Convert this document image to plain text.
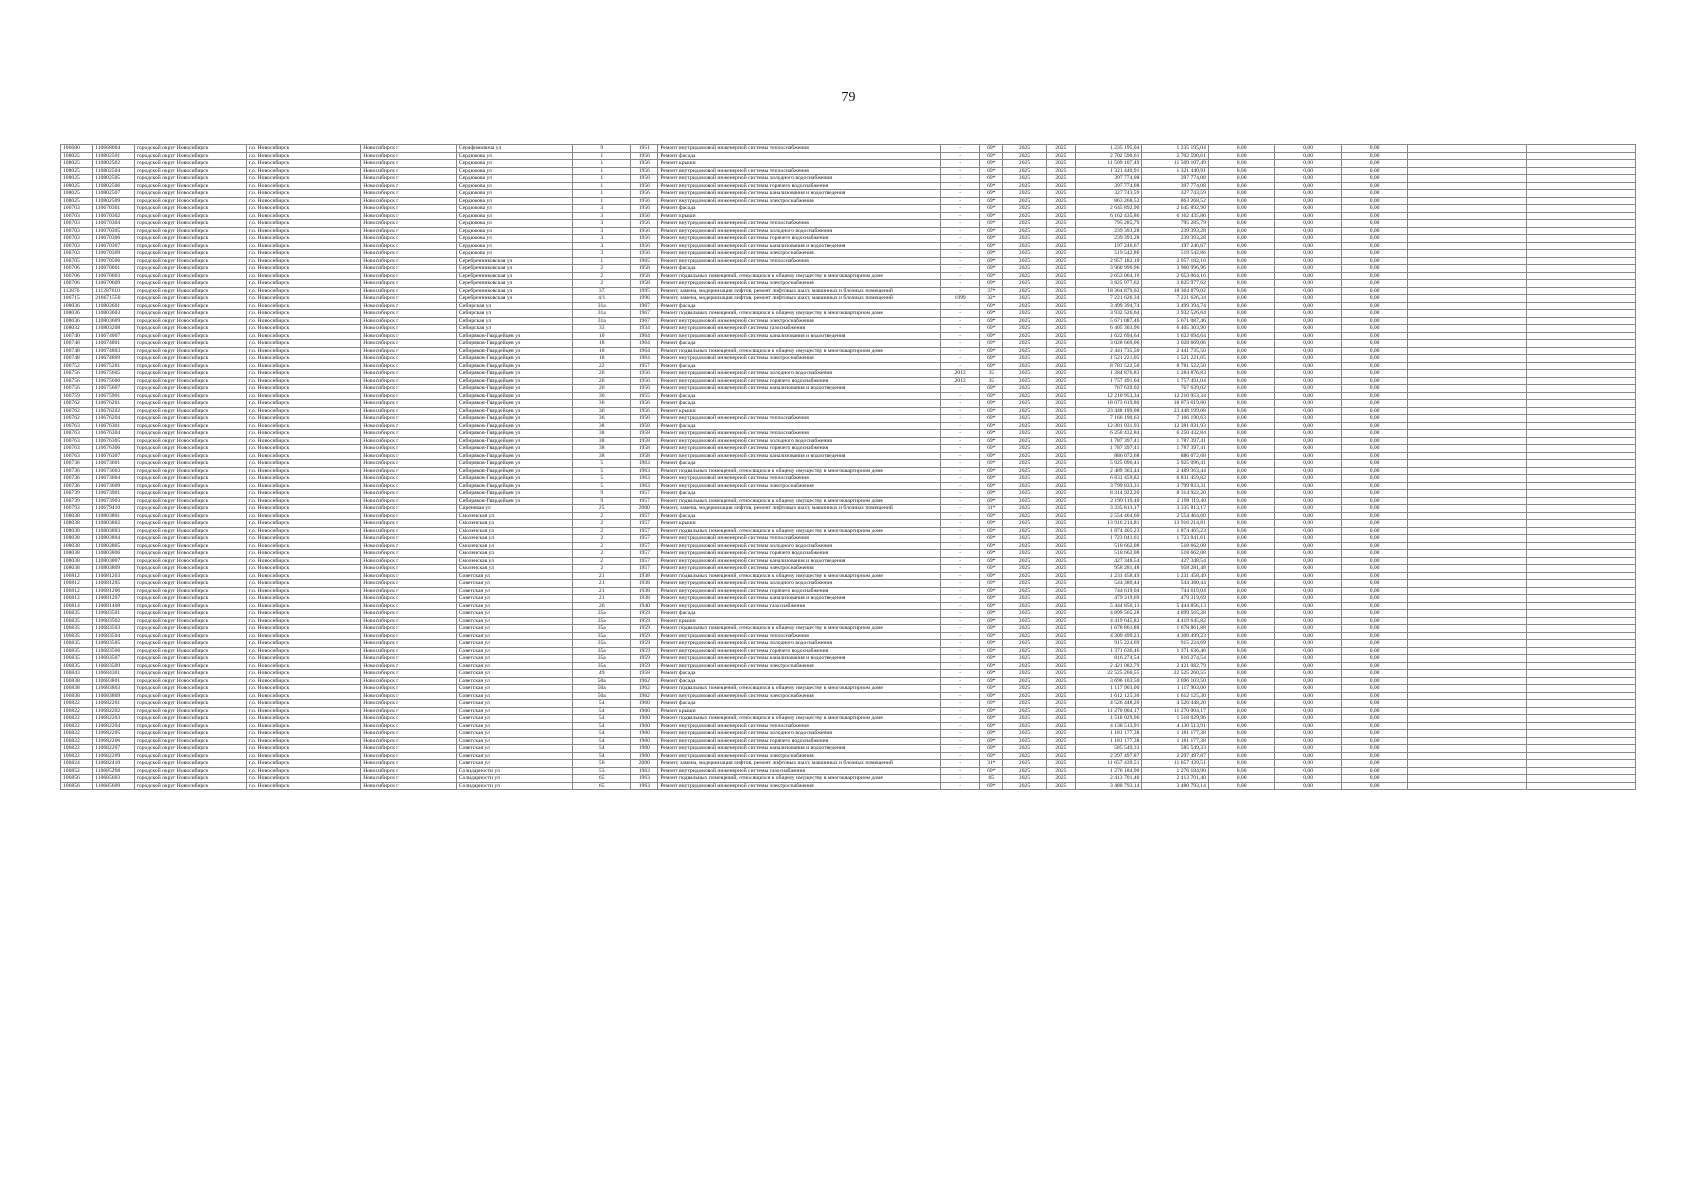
79
106680	110668004	городской округ Новосибирск	г.о. Новосибирск	Новосибирск г	Серафимовича ул	9	1951	Ремонт внутридомовой инженерной системы теплоснабжения	-	69*	2025	2025	1 235 195,04	1 235 195,04	0,00	0,00	0,00		
108025	110802501	городской округ Новосибирск	г.о. Новосибирск	Новосибирск г	Сердюкова ул	1	1956	Ремонт фасада	-	69*	2025	2025	2 702 590,61	2 702 590,61	0,00	0,00	0,00		
108025	110802502	городской округ Новосибирск	г.о. Новосибирск	Новосибирск г	Сердюкова ул	1	1956	Ремонт крыши	-	69*	2025	2025	11 509 107,49	11 509 107,49	0,00	0,00	0,00		
108025	110802504	городской округ Новосибирск	г.о. Новосибирск	Новосибирск г	Сердюкова ул	1	1956	Ремонт внутридомовой инженерной системы теплоснабжения	-	69*	2025	2025	1 321 440,91	1 321 440,91	0,00	0,00	0,00		
108025	110802505	городской округ Новосибирск	г.о. Новосибирск	Новосибирск г	Сердюкова ул	1	1956	Ремонт внутридомовой инженерной системы холодного водоснабжения	-	69*	2025	2025	397 774,08	397 774,08	0,00	0,00	0,00		
108025	110802506	городской округ Новосибирск	г.о. Новосибирск	Новосибирск г	Сердюкова ул	1	1956	Ремонт внутридомовой инженерной системы горячего водоснабжения	-	69*	2025	2025	397 774,08	397 774,08	0,00	0,00	0,00		
108025	110802507	городской округ Новосибирск	г.о. Новосибирск	Новосибирск г	Сердюкова ул	1	1956	Ремонт внутридомовой инженерной системы канализования и водоотведения	-	69*	2025	2025	327 743,59	327 743,59	0,00	0,00	0,00		
108025	110802509	городской округ Новосибирск	г.о. Новосибирск	Новосибирск г	Сердюкова ул	1	1956	Ремонт внутридомовой инженерной системы электроснабжения	-	69*	2025	2025	863 268,52	863 268,52	0,00	0,00	0,00		
106703	110670301	городской округ Новосибирск	г.о. Новосибирск	Новосибирск г	Сердюкова ул	3	1956	Ремонт фасада	-	69*	2025	2025	2 645 892,90	2 645 892,90	0,00	0,00	0,00		
106703	110670302	городской округ Новосибирск	г.о. Новосибирск	Новосибирск г	Сердюкова ул	3	1956	Ремонт крыши	-	69*	2025	2025	6 162 435,86	6 162 435,86	0,00	0,00	0,00		
106703	110670304	городской округ Новосибирск	г.о. Новосибирск	Новосибирск г	Сердюкова ул	3	1956	Ремонт внутридомовой инженерной системы теплоснабжения	-	69*	2025	2025	795 285,79	795 285,79	0,00	0,00	0,00		
106703	110670305	городской округ Новосибирск	г.о. Новосибирск	Новосибирск г	Сердюкова ул	3	1956	Ремонт внутридомовой инженерной системы холодного водоснабжения	-	69*	2025	2025	239 393,28	239 393,28	0,00	0,00	0,00		
106703	110670306	городской округ Новосибирск	г.о. Новосибирск	Новосибирск г	Сердюкова ул	3	1956	Ремонт внутридомовой инженерной системы горячего водоснабжения	-	69*	2025	2025	239 393,28	239 393,28	0,00	0,00	0,00		
106703	110670307	городской округ Новосибирск	г.о. Новосибирск	Новосибирск г	Сердюкова ул	3	1956	Ремонт внутридомовой инженерной системы канализования и водоотведения	-	69*	2025	2025	197 246,67	197 246,67	0,00	0,00	0,00		
106703	110670309	городской округ Новосибирск	г.о. Новосибирск	Новосибирск г	Сердюкова ул	3	1956	Ремонт внутридомовой инженерной системы электроснабжения	-	69*	2025	2025	519 542,86	519 542,86	0,00	0,00	0,00		
106705	110670506	городской округ Новосибирск	г.о. Новосибирск	Новосибирск г	Серебренниковская ул	1	1965	Ремонт внутридомовой инженерной системы теплоснабжения	-	69*	2025	2025	2 957 182,10	2 957 182,10	0,00	0,00	0,00		
106706	110670601	городской округ Новосибирск	г.о. Новосибирск	Новосибирск г	Серебренниковская ул	2	1958	Ремонт фасада	-	69*	2025	2025	3 960 996,96	3 960 996,96	0,00	0,00	0,00		
106706	110670603	городской округ Новосибирск	г.о. Новосибирск	Новосибирск г	Серебренниковская ул	2	1958	Ремонт подвальных помещений, относящихся к общему имуществу в многоквартирном доме	-	69*	2025	2025	2 653 064,16	2 653 064,16	0,00	0,00	0,00		
106706	110670609	городской округ Новосибирск	г.о. Новосибирск	Новосибирск г	Серебренниковская ул	2	1958	Ремонт внутридомовой инженерной системы электроснабжения	-	69*	2025	2025	3 825 977,62	3 825 977,62	0,00	0,00	0,00		
112876	111287610	городской округ Новосибирск	г.о. Новосибирск	Новосибирск г	Серебренниковская ул	37	1995	Ремонт, замена, модернизация лифтов, ремонт лифтовых шахт, машинных и блочных помещений	-	37*	2025	2025	18 364 879,02	18 364 879,02	0,00	0,00	0,00		
106715	210671550	городской округ Новосибирск	г.о. Новосибирск	Новосибирск г	Серебренниковская ул	4/1	1996	Ремонт, замена, модернизация лифтов, ремонт лифтовых шахт, машинных и блочных помещений	1999	32*	2025	2025	7 221 626,34	7 221 626,34	0,00	0,00	0,00		
108036	110803601	городской округ Новосибирск	г.о. Новосибирск	Новосибирск г	Сибирская ул	31а	1967	Ремонт фасада	-	69*	2025	2025	3 499 394,74	3 499 394,74	0,00	0,00	0,00		
108036	110803603	городской округ Новосибирск	г.о. Новосибирск	Новосибирск г	Сибирская ул	31а	1967	Ремонт подвальных помещений, относящихся к общему имуществу в многоквартирном доме	-	69*	2025	2025	3 932 526,64	3 932 526,64	0,00	0,00	0,00		
108036	110803609	городской округ Новосибирск	г.о. Новосибирск	Новосибирск г	Сибирская ул	31а	1967	Ремонт внутридомовой инженерной системы электроснабжения	-	69*	2025	2025	5 671 087,46	5 671 087,46	0,00	0,00	0,00		
108032	110803208	городской округ Новосибирск	г.о. Новосибирск	Новосибирск г	Сибирская ул	33	1934	Ремонт внутридомовой инженерной системы газоснабжения	-	69*	2025	2025	6 405 303,90	6 405 303,90	0,00	0,00	0,00		
106740	110674007	городской округ Новосибирск	г.о. Новосибирск	Новосибирск г	Сибиряков-Гвардейцев ул	10	1964	Ремонт внутридомовой инженерной системы канализования и водоотведения	-	69*	2025	2025	1 622 694,64	1 622 694,64	0,00	0,00	0,00		
106748	110674801	городской округ Новосибирск	г.о. Новосибирск	Новосибирск г	Сибиряков-Гвардейцев ул	18	1964	Ремонт фасада	-	69*	2025	2025	3 028 669,06	3 028 669,06	0,00	0,00	0,00		
106748	110674803	городской округ Новосибирск	г.о. Новосибирск	Новосибирск г	Сибиряков-Гвардейцев ул	18	1964	Ремонт подвальных помещений, относящихся к общему имуществу в многоквартирном доме	-	69*	2025	2025	2 441 735,50	2 441 735,50	0,00	0,00	0,00		
106748	110674809	городской округ Новосибирск	г.о. Новосибирск	Новосибирск г	Сибиряков-Гвардейцев ул	18	1964	Ремонт внутридомовой инженерной системы электроснабжения	-	69*	2025	2025	1 521 221,05	1 521 221,05	0,00	0,00	0,00		
106752	110675201	городской округ Новосибирск	г.о. Новосибирск	Новосибирск г	Сибиряков-Гвардейцев ул	22	1957	Ремонт фасада	-	69*	2025	2025	8 781 522,50	8 781 522,50	0,00	0,00	0,00		
106756	110675605	городской округ Новосибирск	г.о. Новосибирск	Новосибирск г	Сибиряков-Гвардейцев ул	26	1956	Ремонт внутридомовой инженерной системы холодного водоснабжения	2012	35	2025	2025	1 284 876,83	1 284 876,83	0,00	0,00	0,00		
106756	110675606	городской округ Новосибирск	г.о. Новосибирск	Новосибирск г	Сибиряков-Гвардейцев ул	26	1956	Ремонт внутридомовой инженерной системы горячего водоснабжения	2012	35	2025	2025	1 757 491,04	1 757 491,04	0,00	0,00	0,00		
106756	110675607	городской округ Новосибирск	г.о. Новосибирск	Новосибирск г	Сибиряков-Гвардейцев ул	26	1956	Ремонт внутридомовой инженерной системы канализования и водоотведения	-	69*	2025	2025	767 639,02	767 639,02	0,00	0,00	0,00		
106759	110675901	городской округ Новосибирск	г.о. Новосибирск	Новосибирск г	Сибиряков-Гвардейцев ул	30	1955	Ремонт фасада	-	69*	2025	2025	12 210 953,34	12 210 953,34	0,00	0,00	0,00		
106762	110676201	городской округ Новосибирск	г.о. Новосибирск	Новосибирск г	Сибиряков-Гвардейцев ул	36	1956	Ремонт фасада	-	69*	2025	2025	18 073 619,80	18 073 619,80	0,00	0,00	0,00		
106762	110676202	городской округ Новосибирск	г.о. Новосибирск	Новосибирск г	Сибиряков-Гвардейцев ул	36	1956	Ремонт крыши	-	69*	2025	2025	23 448 199,08	23 448 199,08	0,00	0,00	0,00		
106762	110676204	городской округ Новосибирск	г.о. Новосибирск	Новосибирск г	Сибиряков-Гвардейцев ул	36	1956	Ремонт внутридомовой инженерной системы теплоснабжения	-	69*	2025	2025	7 166 190,63	7 166 190,63	0,00	0,00	0,00		
106763	110676301	городской округ Новосибирск	г.о. Новосибирск	Новосибирск г	Сибиряков-Гвардейцев ул	38	1958	Ремонт фасада	-	69*	2025	2025	12 381 031,93	12 381 031,93	0,00	0,00	0,00		
106763	110676304	городской округ Новосибирск	г.о. Новосибирск	Новосибирск г	Сибиряков-Гвардейцев ул	38	1958	Ремонт внутридомовой инженерной системы теплоснабжения	-	69*	2025	2025	6 250 432,84	6 250 432,84	0,00	0,00	0,00		
106763	110676305	городской округ Новосибирск	г.о. Новосибирск	Новосибирск г	Сибиряков-Гвардейцев ул	38	1958	Ремонт внутридомовой инженерной системы холодного водоснабжения	-	69*	2025	2025	1 787 397,41	1 787 397,41	0,00	0,00	0,00		
106763	110676306	городской округ Новосибирск	г.о. Новосибирск	Новосибирск г	Сибиряков-Гвардейцев ул	38	1958	Ремонт внутридомовой инженерной системы горячего водоснабжения	-	69*	2025	2025	1 787 397,41	1 787 397,41	0,00	0,00	0,00		
106763	110676307	городской округ Новосибирск	г.о. Новосибирск	Новосибирск г	Сибиряков-Гвардейцев ул	38	1958	Ремонт внутридомовой инженерной системы канализования и водоотведения	-	69*	2025	2025	886 072,68	886 072,68	0,00	0,00	0,00		
106736	110673601	городской округ Новосибирск	г.о. Новосибирск	Новосибирск г	Сибиряков-Гвардейцев ул	5	1963	Ремонт фасада	-	69*	2025	2025	5 925 096,41	5 925 096,41	0,00	0,00	0,00		
106736	110673603	городской округ Новосибирск	г.о. Новосибирск	Новосибирск г	Сибиряков-Гвардейцев ул	5	1963	Ремонт подвальных помещений, относящихся к общему имуществу в многоквартирном доме	-	69*	2025	2025	2 489 363,44	2 489 363,44	0,00	0,00	0,00		
106736	110673604	городской округ Новосибирск	г.о. Новосибирск	Новосибирск г	Сибиряков-Гвардейцев ул	5	1963	Ремонт внутридомовой инженерной системы теплоснабжения	-	69*	2025	2025	6 831 459,82	6 831 459,82	0,00	0,00	0,00		
106736	110673609	городской округ Новосибирск	г.о. Новосибирск	Новосибирск г	Сибиряков-Гвардейцев ул	5	1963	Ремонт внутридомовой инженерной системы электроснабжения	-	69*	2025	2025	3 799 833,31	3 799 833,31	0,00	0,00	0,00		
106739	110673901	городской округ Новосибирск	г.о. Новосибирск	Новосибирск г	Сибиряков-Гвардейцев ул	9	1957	Ремонт фасада	-	69*	2025	2025	8 314 922,20	8 314 922,20	0,00	0,00	0,00		
106739	110673903	городской округ Новосибирск	г.о. Новосибирск	Новосибирск г	Сибиряков-Гвардейцев ул	9	1957	Ремонт подвальных помещений, относящихся к общему имуществу в многоквартирном доме	-	69*	2025	2025	2 199 119,40	2 199 119,40	0,00	0,00	0,00		
106793	110679410	городской округ Новосибирск	г.о. Новосибирск	Новосибирск г	Сиреневая ул	25	2000	Ремонт, замена, модернизация лифтов, ремонт лифтовых шахт, машинных и блочных помещений	-	31*	2025	2025	3 335 813,17	3 335 813,17	0,00	0,00	0,00		
108038	110803801	городской округ Новосибирск	г.о. Новосибирск	Новосибирск г	Смоленская ул	2	1957	Ремонт фасада	-	69*	2025	2025	2 554 464,60	2 554 464,60	0,00	0,00	0,00		
108038	110803802	городской округ Новосибирск	г.о. Новосибирск	Новосибирск г	Смоленская ул	2	1957	Ремонт крыши	-	69*	2025	2025	13 916 214,81	13 916 214,81	0,00	0,00	0,00		
108038	110803803	городской округ Новосибирск	г.о. Новосибирск	Новосибирск г	Смоленская ул	2	1957	Ремонт подвальных помещений, относящихся к общему имуществу в многоквартирном доме	-	69*	2025	2025	1 874 465,23	1 874 465,23	0,00	0,00	0,00		
108038	110803804	городской округ Новосибирск	г.о. Новосибирск	Новосибирск г	Смоленская ул	2	1957	Ремонт внутридомовой инженерной системы теплоснабжения	-	69*	2025	2025	1 723 041,61	1 723 041,61	0,00	0,00	0,00		
108038	110803805	городской округ Новосибирск	г.о. Новосибирск	Новосибирск г	Смоленская ул	2	1957	Ремонт внутридомовой инженерной системы холодного водоснабжения	-	69*	2025	2025	518 662,08	518 662,08	0,00	0,00	0,00		
108038	110803806	городской округ Новосибирск	г.о. Новосибирск	Новосибирск г	Смоленская ул	2	1957	Ремонт внутридомовой инженерной системы горячего водоснабжения	-	69*	2025	2025	518 662,08	518 662,08	0,00	0,00	0,00		
108038	110803807	городской округ Новосибирск	г.о. Новосибирск	Новосибирск г	Смоленская ул	2	1957	Ремонт внутридомовой инженерной системы канализования и водоотведения	-	69*	2025	2025	427 348,54	427 348,54	0,00	0,00	0,00		
108038	110803809	городской округ Новосибирск	г.о. Новосибирск	Новосибирск г	Смоленская ул	2	1957	Ремонт внутридомовой инженерной системы электроснабжения	-	69*	2025	2025	958 281,48	958 281,48	0,00	0,00	0,00		
106812	110681203	городской округ Новосибирск	г.о. Новосибирск	Новосибирск г	Советская ул	21	1938	Ремонт подвальных помещений, относящихся к общему имуществу в многоквартирном доме	-	69*	2025	2025	1 231 458,49	1 231 458,49	0,00	0,00	0,00		
106812	110681205	городской округ Новосибирск	г.о. Новосибирск	Новосибирск г	Советская ул	21	1938	Ремонт внутридомовой инженерной системы холодного водоснабжения	-	69*	2025	2025	544 380,44	544 380,44	0,00	0,00	0,00		
106812	110681206	городской округ Новосибирск	г.о. Новосибирск	Новосибирск г	Советская ул	21	1938	Ремонт внутридомовой инженерной системы горячего водоснабжения	-	69*	2025	2025	744 619,04	744 619,04	0,00	0,00	0,00		
106812	110681207	городской округ Новосибирск	г.о. Новосибирск	Новосибирск г	Советская ул	21	1938	Ремонт внутридомовой инженерной системы канализования и водоотведения	-	69*	2025	2025	479 319,69	479 319,69	0,00	0,00	0,00		
106814	110681408	городской округ Новосибирск	г.о. Новосибирск	Новосибирск г	Советская ул	26	1940	Ремонт внутридомовой инженерной системы газоснабжения	-	69*	2025	2025	5 444 856,13	5 444 856,13	0,00	0,00	0,00		
106835	110683501	городской округ Новосибирск	г.о. Новосибирск	Новосибирск г	Советская ул	35а	1959	Ремонт фасада	-	69*	2025	2025	4 899 565,28	4 899 565,28	0,00	0,00	0,00		
106835	110683502	городской округ Новосибирск	г.о. Новосибирск	Новосибирск г	Советская ул	35а	1959	Ремонт крыши	-	69*	2025	2025	4 419 645,82	4 419 645,82	0,00	0,00	0,00		
106835	110683503	городской округ Новосибирск	г.о. Новосибирск	Новосибирск г	Советская ул	35а	1959	Ремонт подвальных помещений, относящихся к общему имуществу в многоквартирном доме	-	69*	2025	2025	1 678 861,88	1 678 861,88	0,00	0,00	0,00		
106835	110683504	городской округ Новосибирск	г.о. Новосибирск	Новосибирск г	Советская ул	35а	1959	Ремонт внутридомовой инженерной системы теплоснабжения	-	69*	2025	2025	4 309 499,23	4 309 499,23	0,00	0,00	0,00		
106835	110683505	городской округ Новосибирск	г.о. Новосибирск	Новосибирск г	Советская ул	35а	1959	Ремонт внутридомовой инженерной системы холодного водоснабжения	-	69*	2025	2025	915 224,69	915 224,69	0,00	0,00	0,00		
106835	110683506	городской округ Новосибирск	г.о. Новосибирск	Новосибирск г	Советская ул	35а	1959	Ремонт внутридомовой инженерной системы горячего водоснабжения	-	69*	2025	2025	1 371 636,46	1 371 636,46	0,00	0,00	0,00		
106835	110683507	городской округ Новосибирск	г.о. Новосибирск	Новосибирск г	Советская ул	35а	1959	Ремонт внутридомовой инженерной системы канализования и водоотведения	-	69*	2025	2025	816 274,54	816 274,54	0,00	0,00	0,00		
106835	110683509	городской округ Новосибирск	г.о. Новосибирск	Новосибирск г	Советская ул	35а	1959	Ремонт внутридомовой инженерной системы электроснабжения	-	69*	2025	2025	2 421 082,79	2 421 082,79	0,00	0,00	0,00		
106843	110684301	городской округ Новосибирск	г.о. Новосибирск	Новосибирск г	Советская ул	49	1958	Ремонт фасада	-	69*	2025	2025	22 525 260,55	22 525 260,55	0,00	0,00	0,00		
106838	110683801	городской округ Новосибирск	г.о. Новосибирск	Новосибирск г	Советская ул	50а	1962	Ремонт фасада	-	69*	2025	2025	3 696 103,50	3 696 103,50	0,00	0,00	0,00		
106838	110683803	городской округ Новосибирск	г.о. Новосибирск	Новосибирск г	Советская ул	50а	1962	Ремонт подвальных помещений, относящихся к общему имуществу в многоквартирном доме	-	69*	2025	2025	1 117 903,00	1 117 903,00	0,00	0,00	0,00		
106838	110683809	городской округ Новосибирск	г.о. Новосибирск	Новосибирск г	Советская ул	50а	1962	Ремонт внутридомовой инженерной системы электроснабжения	-	69*	2025	2025	1 612 125,30	1 612 125,30	0,00	0,00	0,00		
106822	110682201	городской округ Новосибирск	г.о. Новосибирск	Новосибирск г	Советская ул	54	1960	Ремонт фасада	-	69*	2025	2025	4 526 448,20	4 526 448,20	0,00	0,00	0,00		
106822	110682202	городской округ Новосибирск	г.о. Новосибирск	Новосибирск г	Советская ул	54	1960	Ремонт крыши	-	69*	2025	2025	11 270 004,17	11 270 004,17	0,00	0,00	0,00		
106822	110682203	городской округ Новосибирск	г.о. Новосибирск	Новосибирск г	Советская ул	54	1960	Ремонт подвальных помещений, относящихся к общему имуществу в многоквартирном доме	-	69*	2025	2025	1 518 029,96	1 518 029,96	0,00	0,00	0,00		
106822	110682204	городской округ Новосибирск	г.о. Новосибирск	Новосибирск г	Советская ул	54	1960	Ремонт внутридомовой инженерной системы теплоснабжения	-	69*	2025	2025	4 130 513,91	4 130 513,91	0,00	0,00	0,00		
106822	110682205	городской округ Новосибирск	г.о. Новосибирск	Новосибирск г	Советская ул	54	1960	Ремонт внутридомовой инженерной системы холодного водоснабжения	-	69*	2025	2025	1 181 177,38	1 181 177,38	0,00	0,00	0,00		
106822	110682206	городской округ Новосибирск	г.о. Новосибирск	Новосибирск г	Советская ул	54	1960	Ремонт внутридомовой инженерной системы горячего водоснабжения	-	69*	2025	2025	1 181 177,38	1 181 177,38	0,00	0,00	0,00		
106822	110682207	городской округ Новосибирск	г.о. Новосибирск	Новосибирск г	Советская ул	54	1960	Ремонт внутридомовой инженерной системы канализования и водоотведения	-	69*	2025	2025	585 549,33	585 549,33	0,00	0,00	0,00		
106822	110682209	городской округ Новосибирск	г.о. Новосибирск	Новосибирск г	Советская ул	54	1960	Ремонт внутридомовой инженерной системы электроснабжения	-	69*	2025	2025	2 297 497,87	2 297 497,87	0,00	0,00	0,00		
106824	110682410	городской округ Новосибирск	г.о. Новосибирск	Новосибирск г	Советская ул	56	2000	Ремонт, замена, модернизация лифтов, ремонт лифтовых шахт, машинных и блочных помещений	-	31*	2025	2025	11 657 439,51	11 657 439,51	0,00	0,00	0,00		
106852	110685208	городской округ Новосибирск	г.о. Новосибирск	Новосибирск г	Солидарности ул	53	1963	Ремонт внутридомовой инженерной системы газоснабжения	-	69*	2025	2025	1 276 184,90	1 276 184,90	0,00	0,00	0,00		
106856	110685603	городской округ Новосибирск	г.о. Новосибирск	Новосибирск г	Солидарности ул	65	1963	Ремонт подвальных помещений, относящихся к общему имуществу в многоквартирном доме	-	65	2025	2025	2 413 701,40	2 413 701,40	0,00	0,00	0,00		
106856	110685609	городской округ Новосибирск	г.о. Новосибирск	Новосибирск г	Солидарности ул	65	1963	Ремонт внутридомовой инженерной системы электроснабжения	-	69*	2025	2025	3 480 793,14	3 480 793,14	0,00	0,00	0,00		
